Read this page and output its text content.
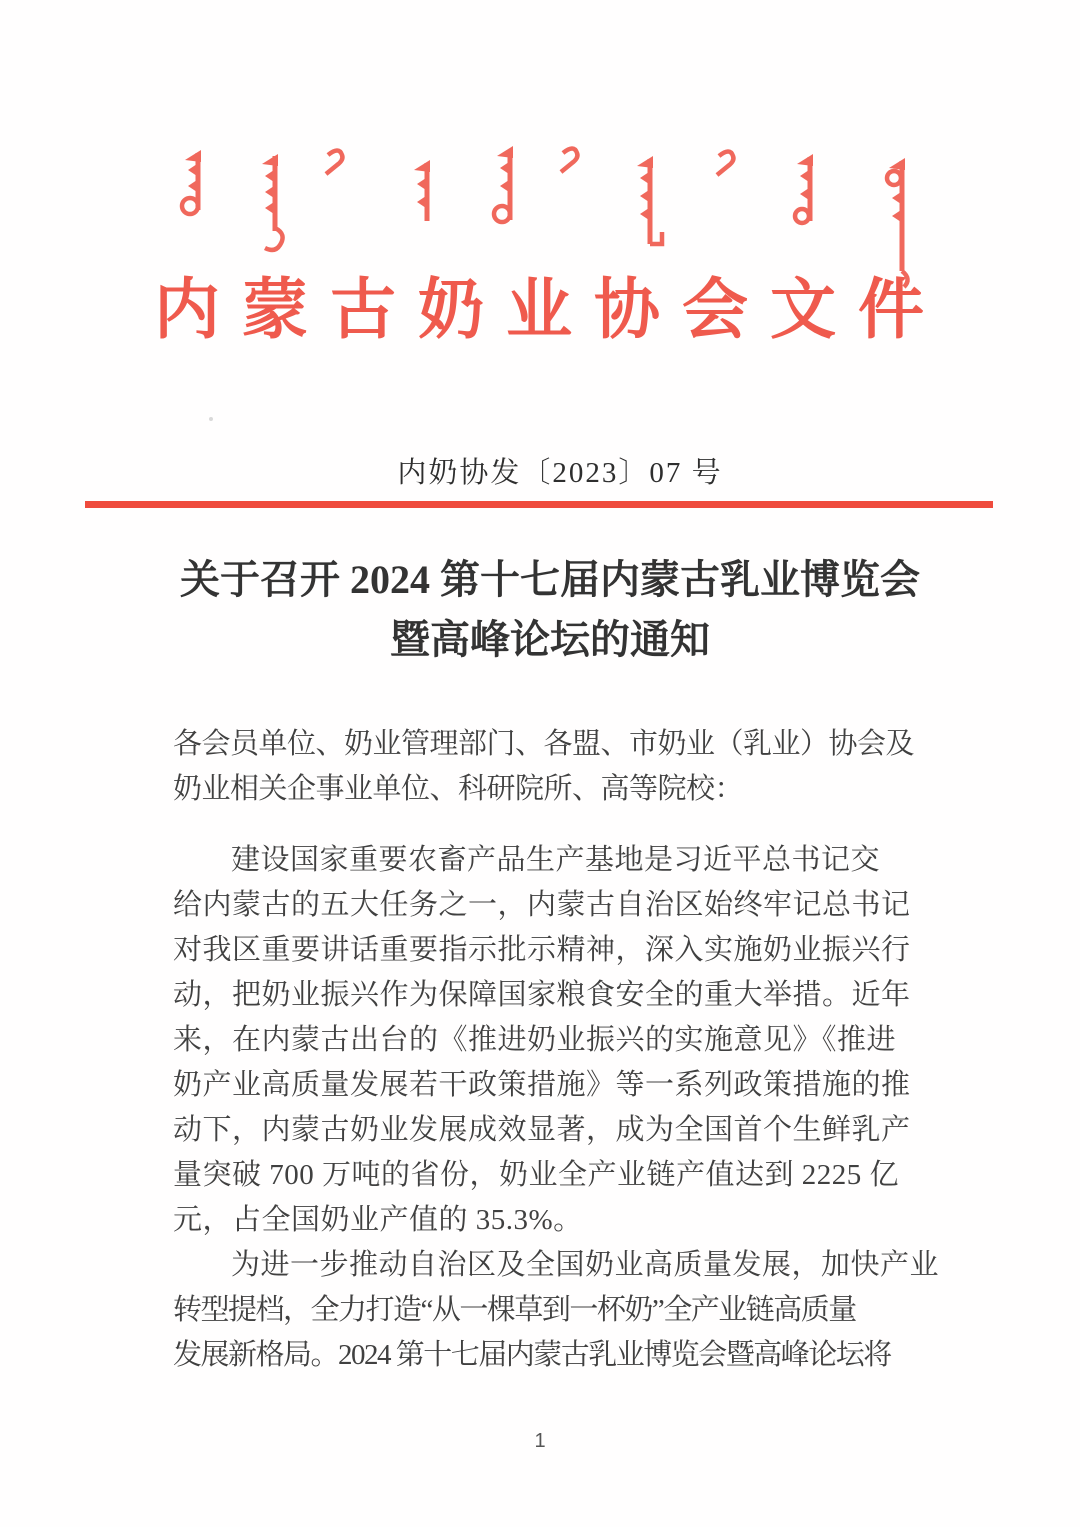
内蒙古奶业协会文件
内奶协发〔2023〕07 号
关于召开 2024 第十七届内蒙古乳业博览会
暨高峰论坛的通知
各会员单位、奶业管理部门、各盟、市奶业（乳业）协会及
奶业相关企事业单位、科研院所、高等院校：
建设国家重要农畜产品生产基地是习近平总书记交
给内蒙古的五大任务之一，内蒙古自治区始终牢记总书记
对我区重要讲话重要指示批示精神，深入实施奶业振兴行
动，把奶业振兴作为保障国家粮食安全的重大举措。近年
来，在内蒙古出台的《推进奶业振兴的实施意见》《推进
奶产业高质量发展若干政策措施》等一系列政策措施的推
动下，内蒙古奶业发展成效显著，成为全国首个生鲜乳产
量突破 700 万吨的省份，奶业全产业链产值达到 2225 亿
元，占全国奶业产值的 35.3%。
为进一步推动自治区及全国奶业高质量发展，加快产业
转型提档，全力打造“从一棵草到一杯奶”全产业链高质量
发展新格局。2024 第十七届内蒙古乳业博览会暨高峰论坛将
1
